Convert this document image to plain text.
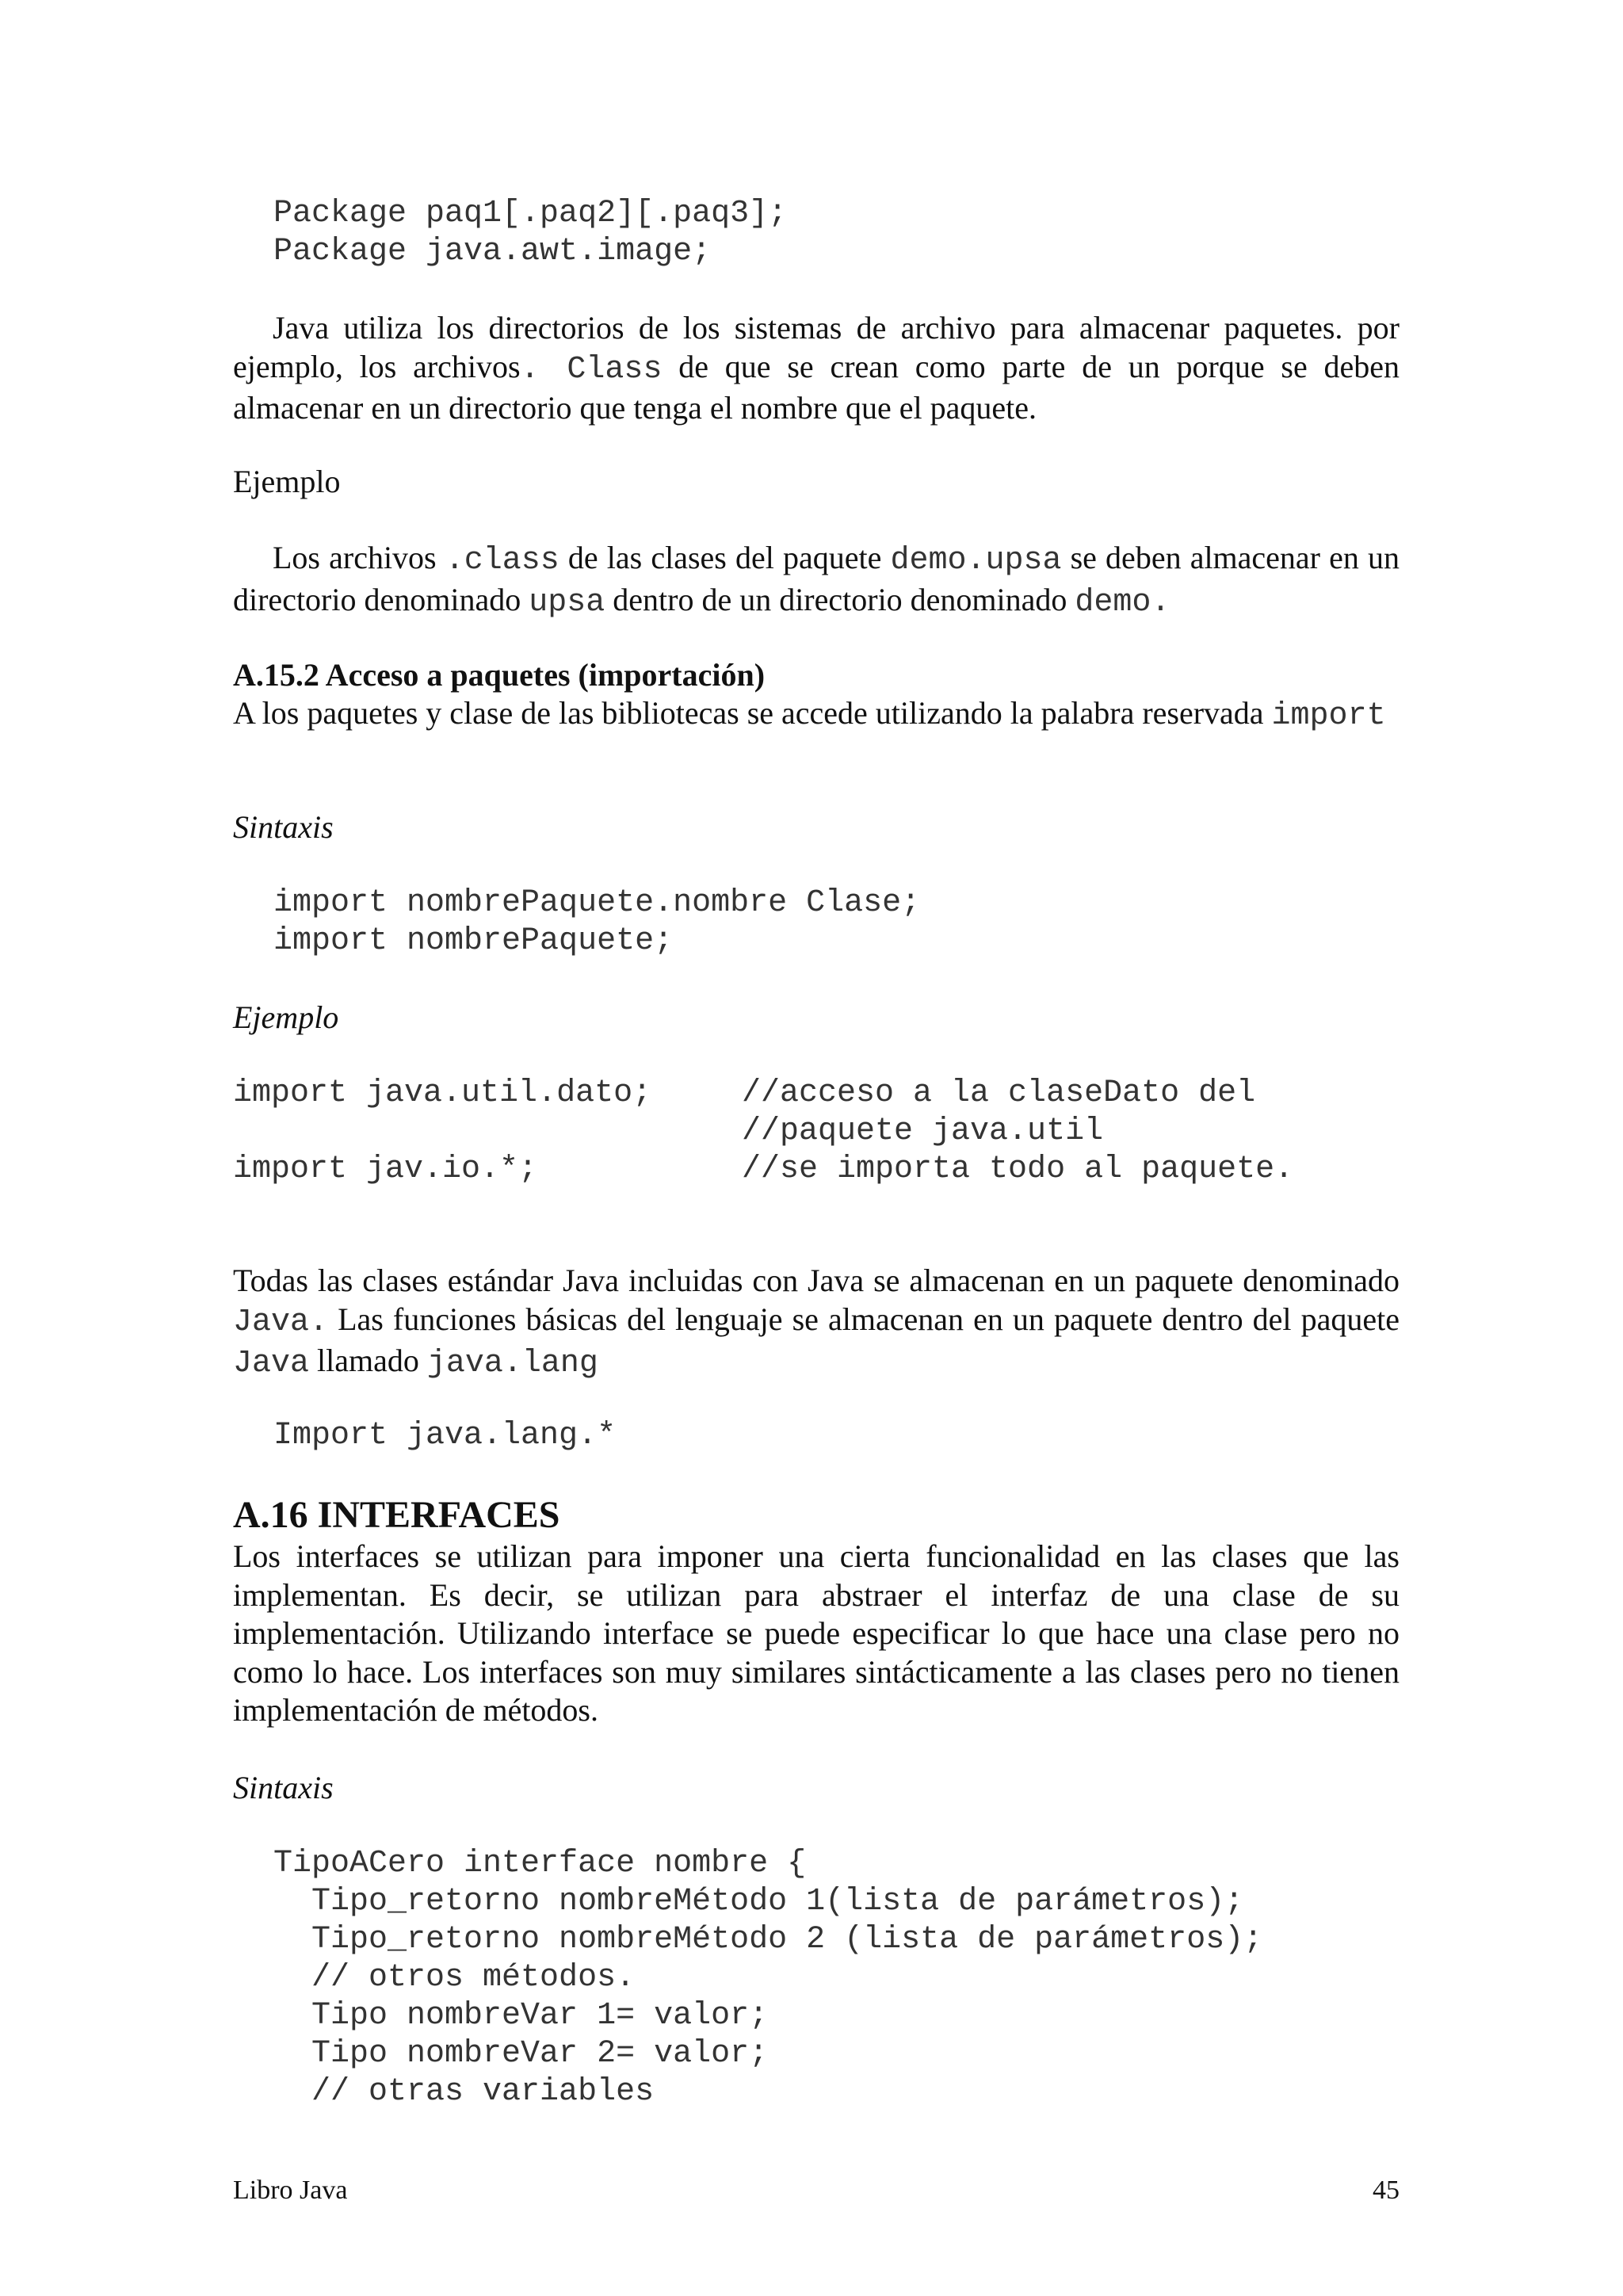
Package paq1[.paq2][.paq3];
Package java.awt.image;
Java utiliza los directorios de los sistemas de archivo para almacenar paquetes. por ejemplo, los archivos. Class de que se crean como parte de un porque se deben almacenar en un directorio que tenga el nombre que el paquete.
Ejemplo
Los archivos .class de las clases del paquete demo.upsa se deben almacenar en un directorio denominado upsa dentro de un directorio denominado demo.
A.15.2 Acceso a paquetes (importación)
A los paquetes y clase de las bibliotecas se accede utilizando la palabra reservada import
Sintaxis
import nombrePaquete.nombre Clase;
import nombrePaquete;
Ejemplo
import java.util.dato;	//acceso a la claseDato del
//paquete java.util
import jav.io.*;	//se importa todo al paquete.
Todas las clases estándar Java incluidas con Java se almacenan en un paquete denominado Java. Las funciones básicas del lenguaje se almacenan en un paquete dentro del paquete Java llamado java.lang
Import java.lang.*
A.16 INTERFACES
Los interfaces se utilizan para imponer una cierta funcionalidad en las clases que las implementan. Es decir, se utilizan para abstraer el interfaz de una clase de su implementación. Utilizando interface se puede especificar lo que hace una clase pero no como lo hace. Los interfaces son muy similares sintácticamente a las clases pero no tienen implementación de métodos.
Sintaxis
TipoACero interface nombre {
Tipo_retorno nombreMétodo 1(lista de parámetros);
Tipo_retorno nombreMétodo 2 (lista de parámetros);
// otros métodos.
Tipo nombreVar 1= valor;
Tipo nombreVar 2= valor;
// otras variables
Libro Java	45
